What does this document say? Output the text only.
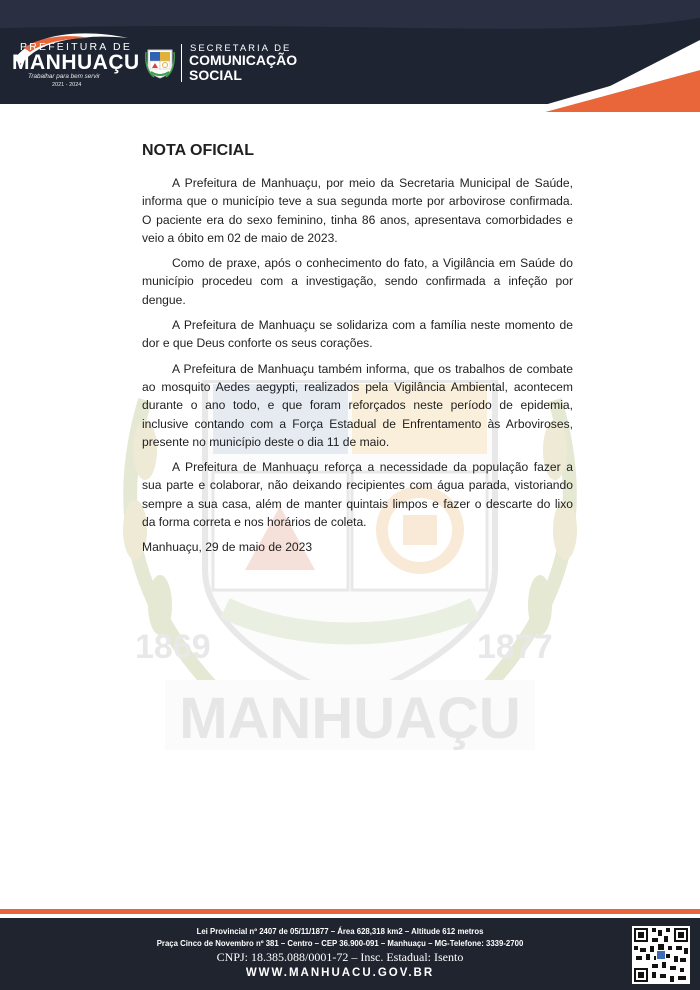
PREFEITURA DE
MANHUAÇU
Trabalhar para bem servir
2021 - 2024
SECRETARIA DE
COMUNICAÇÃO
SOCIAL
1869	1877
MANHUAÇU
NOTA OFICIAL

A Prefeitura de Manhuaçu, por meio da Secretaria Municipal de Saúde, informa que o município teve a sua segunda morte por arbovirose confirmada. O paciente era do sexo feminino, tinha 86 anos, apresentava comorbidades e veio a óbito em 02 de maio de 2023.

Como de praxe, após o conhecimento do fato, a Vigilância em Saúde do município procedeu com a investigação, sendo confirmada a infeção por dengue.

A Prefeitura de Manhuaçu se solidariza com a família neste momento de dor e que Deus conforte os seus corações.

A Prefeitura de Manhuaçu também informa, que os trabalhos de combate ao mosquito Aedes aegypti, realizados pela Vigilância Ambiental, acontecem durante o ano todo, e que foram reforçados neste período de epidemia, inclusive contando com a Força Estadual de Enfrentamento às Arboviroses, presente no município deste o dia 11 de maio.

A Prefeitura de Manhuaçu reforça a necessidade da população fazer a sua parte e colaborar, não deixando recipientes com água parada, vistoriando sempre a sua casa, além de manter quintais limpos e fazer o descarte do lixo da forma correta e nos horários de coleta.

Manhuaçu, 29 de maio de 2023

Lei Provincial nº 2407 de 05/11/1877 – Área 628,318 km2 – Altitude 612 metros
Praça Cinco de Novembro nº 381 – Centro – CEP 36.900-091 – Manhuaçu – MG-Telefone: 3339-2700
CNPJ: 18.385.088/0001-72 – Insc. Estadual: Isento
WWW.MANHUACU.GOV.BR
